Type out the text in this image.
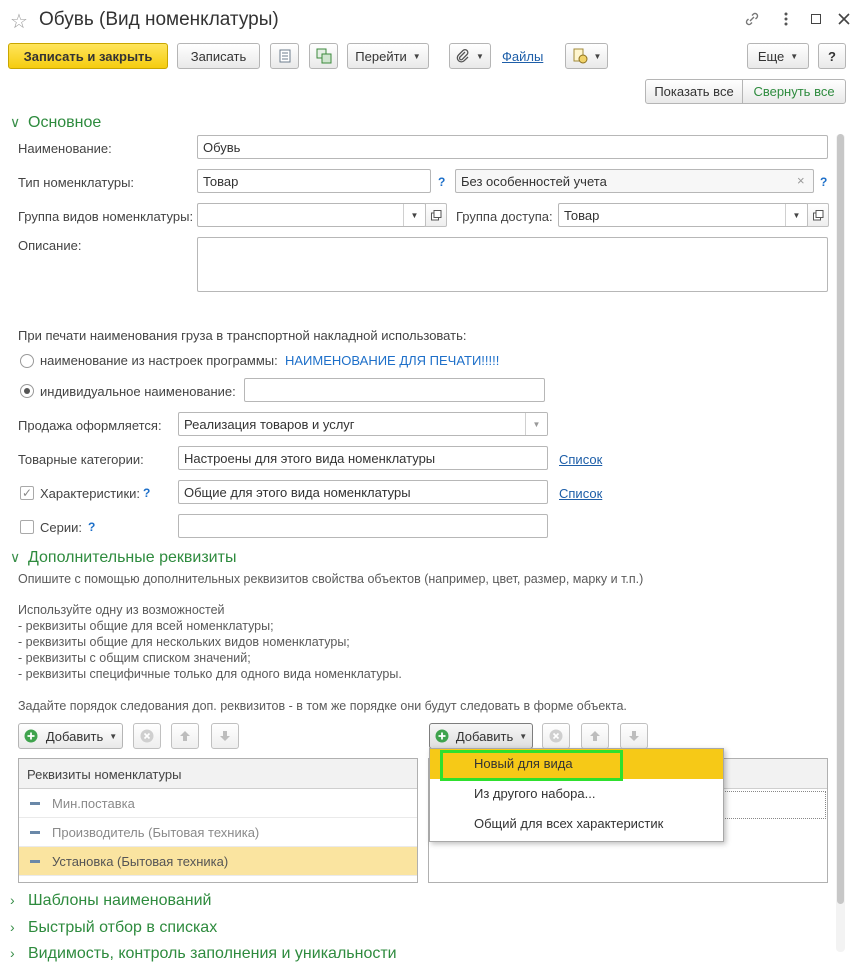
☆ Обувь (Вид номенклатуры)
Записать и закрыть	Записать	Перейти ▼	▼ Файлы	▼	Еще ▼	?
Показать все	Свернуть все
∨ Основное
Наименование:	Обувь
Тип номенклатуры:	Товар	?	Без особенностей учета	× ?
Группа видов номенклатуры:	▼	Группа доступа: Товар	▼
Описание:
При печати наименования груза в транспортной накладной использовать:
наименование из настроек программы: НАИМЕНОВАНИЕ ДЛЯ ПЕЧАТИ!!!!!
индивидуальное наименование:
Продажа оформляется:	Реализация товаров и услуг	▼
Товарные категории:	Настроены для этого вида номенклатуры	Список
✓ Характеристики: ?	Общие для этого вида номенклатуры	Список
Серии: ?
∨ Дополнительные реквизиты
Опишите с помощью дополнительных реквизитов свойства объектов (например, цвет, размер, марку и т.п.)
Используйте одну из возможностей
- реквизиты общие для всей номенклатуры;
- реквизиты общие для нескольких видов номенклатуры;
- реквизиты с общим списком значений;
- реквизиты специфичные только для одного вида номенклатуры.
Задайте порядок следования доп. реквизитов - в том же порядке они будут следовать в форме объекта.
Добавить ▼
Реквизиты номенклатуры
Мин.поставка
Производитель (Бытовая техника)
Установка (Бытовая техника)
Добавить ▼
Новый для вида
Из другого набора...
Общий для всех характеристик
› Шаблоны наименований
› Быстрый отбор в списках
› Видимость, контроль заполнения и уникальности
